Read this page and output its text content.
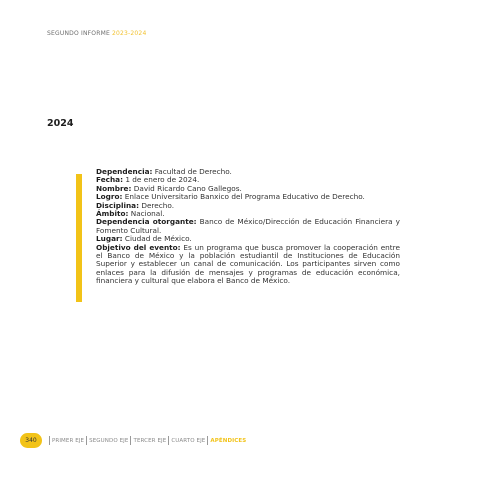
SEGUNDO INFORME 2023-2024
2024

Dependencia: Facultad de Derecho.

Fecha: 1 de enero de 2024.

Nombre: David Ricardo Cano Gallegos.

Logro: Enlace Universitario Banxico del Programa Educativo de Derecho.

Disciplina: Derecho.

Ámbito: Nacional.

Dependencia otorgante: Banco de México/Dirección de Educación Financiera y Fomento Cultural.

Lugar: Ciudad de México.

Objetivo del evento: Es un programa que busca promover la cooperación entre el Banco de México y la población estudiantil de Instituciones de Educación Superior y establecer un canal de comunicación. Los participantes sirven como enlaces para la difusión de mensajes y programas de educación económica, financiera y cultural que elabora el Banco de México.

340	PRIMER EJE SEGUNDO EJE TERCER EJE CUARTO EJE APÉNDICES
